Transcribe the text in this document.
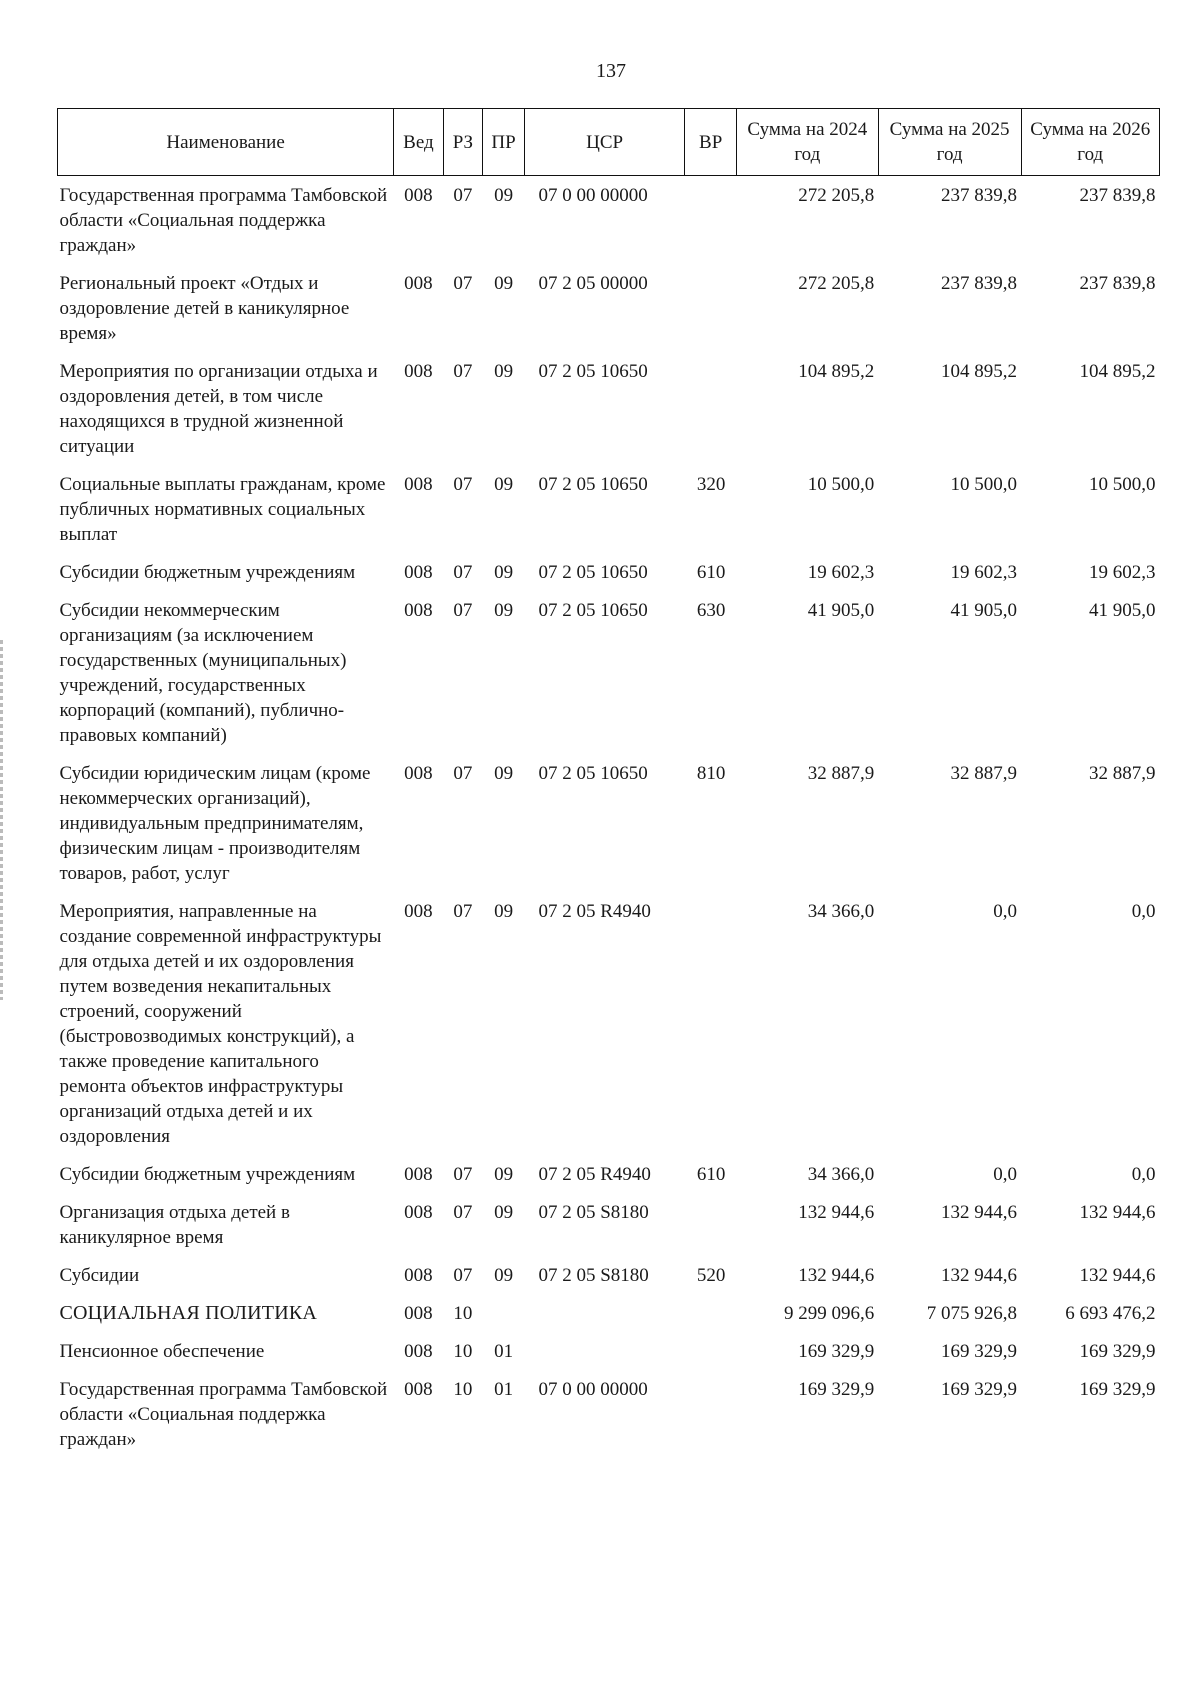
137
Наименование	Вед	РЗ	ПР	ЦСР	ВР	Сумма на 2024 год	Сумма на 2025 год	Сумма на 2026 год
Государственная программа Тамбовской области «Социальная поддержка граждан»	008	07	09	07 0 00 00000		272 205,8	237 839,8	237 839,8
Региональный проект «Отдых и оздоровление детей в каникулярное время»	008	07	09	07 2 05 00000		272 205,8	237 839,8	237 839,8
Мероприятия по организации отдыха и оздоровления детей, в том числе находящихся в трудной жизненной ситуации	008	07	09	07 2 05 10650		104 895,2	104 895,2	104 895,2
Социальные выплаты гражданам, кроме публичных нормативных социальных выплат	008	07	09	07 2 05 10650	320	10 500,0	10 500,0	10 500,0
Субсидии бюджетным учреждениям	008	07	09	07 2 05 10650	610	19 602,3	19 602,3	19 602,3
Субсидии некоммерческим организациям (за исключением государственных (муниципальных) учреждений, государственных корпораций (компаний), публично-правовых компаний)	008	07	09	07 2 05 10650	630	41 905,0	41 905,0	41 905,0
Субсидии юридическим лицам (кроме некоммерческих организаций), индивидуальным предпринимателям, физическим лицам - производителям товаров, работ, услуг	008	07	09	07 2 05 10650	810	32 887,9	32 887,9	32 887,9
Мероприятия, направленные на создание современной инфраструктуры для отдыха детей и их оздоровления путем возведения некапитальных строений, сооружений (быстровозводимых конструкций), а также проведение капитального ремонта объектов инфраструктуры организаций отдыха детей и их оздоровления	008	07	09	07 2 05 R4940		34 366,0	0,0	0,0
Субсидии бюджетным учреждениям	008	07	09	07 2 05 R4940	610	34 366,0	0,0	0,0
Организация отдыха детей в каникулярное время	008	07	09	07 2 05 S8180		132 944,6	132 944,6	132 944,6
Субсидии	008	07	09	07 2 05 S8180	520	132 944,6	132 944,6	132 944,6
СОЦИАЛЬНАЯ ПОЛИТИКА	008	10				9 299 096,6	7 075 926,8	6 693 476,2
Пенсионное обеспечение	008	10	01			169 329,9	169 329,9	169 329,9
Государственная программа Тамбовской области «Социальная поддержка граждан»	008	10	01	07 0 00 00000		169 329,9	169 329,9	169 329,9
